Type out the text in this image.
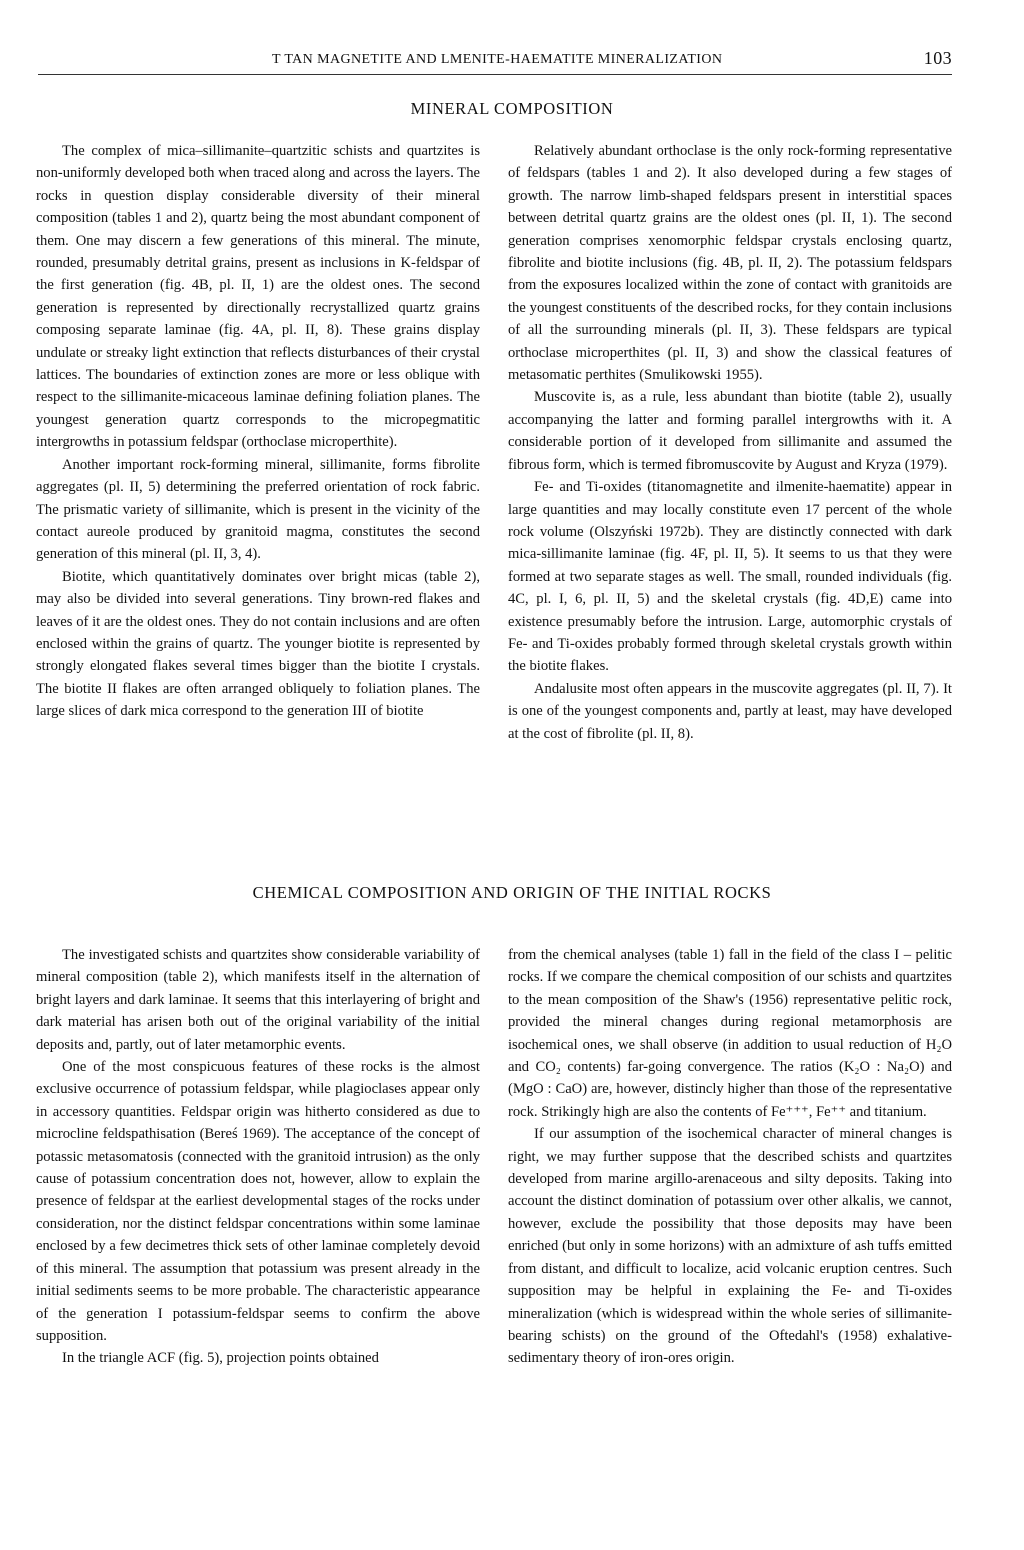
T TAN MAGNETITE AND LMENITE-HAEMATITE MINERALIZATION	103
MINERAL COMPOSITION

The complex of mica–sillimanite–quartzitic schists and quartzites is non-uniformly developed both when traced along and across the layers. The rocks in question display considerable diversity of their mineral composition (tables 1 and 2), quartz being the most abundant component of them. One may discern a few generations of this mineral. The minute, rounded, presumably detrital grains, present as inclusions in K-feldspar of the first generation (fig. 4B, pl. II, 1) are the oldest ones. The second generation is represented by directionally recrystallized quartz grains composing separate laminae (fig. 4A, pl. II, 8). These grains display undulate or streaky light extinction that reflects disturbances of their crystal lattices. The boundaries of extinction zones are more or less oblique with respect to the sillimanite-micaceous laminae defining foliation planes. The youngest generation quartz corresponds to the micropegmatitic intergrowths in potassium feldspar (orthoclase microperthite).

Another important rock-forming mineral, sillimanite, forms fibrolite aggregates (pl. II, 5) determining the preferred orientation of rock fabric. The prismatic variety of sillimanite, which is present in the vicinity of the contact aureole produced by granitoid magma, constitutes the second generation of this mineral (pl. II, 3, 4).

Biotite, which quantitatively dominates over bright micas (table 2), may also be divided into several generations. Tiny brown-red flakes and leaves of it are the oldest ones. They do not contain inclusions and are often enclosed within the grains of quartz. The younger biotite is represented by strongly elongated flakes several times bigger than the biotite I crystals. The biotite II flakes are often arranged obliquely to foliation planes. The large slices of dark mica correspond to the generation III of biotite

Relatively abundant orthoclase is the only rock-forming representative of feldspars (tables 1 and 2). It also developed during a few stages of growth. The narrow limb-shaped feldspars present in interstitial spaces between detrital quartz grains are the oldest ones (pl. II, 1). The second generation comprises xenomorphic feldspar crystals enclosing quartz, fibrolite and biotite inclusions (fig. 4B, pl. II, 2). The potassium feldspars from the exposures localized within the zone of contact with granitoids are the youngest constituents of the described rocks, for they contain inclusions of all the surrounding minerals (pl. II, 3). These feldspars are typical orthoclase microperthites (pl. II, 3) and show the classical features of metasomatic perthites (Smulikowski 1955).

Muscovite is, as a rule, less abundant than biotite (table 2), usually accompanying the latter and forming parallel intergrowths with it. A considerable portion of it developed from sillimanite and assumed the fibrous form, which is termed fibromuscovite by August and Kryza (1979).

Fe- and Ti-oxides (titanomagnetite and ilmenite-haematite) appear in large quantities and may locally constitute even 17 percent of the whole rock volume (Olszyński 1972b). They are distinctly connected with dark mica-sillimanite laminae (fig. 4F, pl. II, 5). It seems to us that they were formed at two separate stages as well. The small, rounded individuals (fig. 4C, pl. I, 6, pl. II, 5) and the skeletal crystals (fig. 4D,E) came into existence presumably before the intrusion. Large, automorphic crystals of Fe- and Ti-oxides probably formed through skeletal crystals growth within the biotite flakes.

Andalusite most often appears in the muscovite aggregates (pl. II, 7). It is one of the youngest components and, partly at least, may have developed at the cost of fibrolite (pl. II, 8).

CHEMICAL COMPOSITION AND ORIGIN OF THE INITIAL ROCKS

The investigated schists and quartzites show considerable variability of mineral composition (table 2), which manifests itself in the alternation of bright layers and dark laminae. It seems that this interlayering of bright and dark material has arisen both out of the original variability of the initial deposits and, partly, out of later metamorphic events.

One of the most conspicuous features of these rocks is the almost exclusive occurrence of potassium feldspar, while plagioclases appear only in accessory quantities. Feldspar origin was hitherto considered as due to microcline feldspathisation (Bereś 1969). The acceptance of the concept of potassic metasomatosis (connected with the granitoid intrusion) as the only cause of potassium concentration does not, however, allow to explain the presence of feldspar at the earliest developmental stages of the rocks under consideration, nor the distinct feldspar concentrations within some laminae enclosed by a few decimetres thick sets of other laminae completely devoid of this mineral. The assumption that potassium was present already in the initial sediments seems to be more probable. The characteristic appearance of the generation I potassium-feldspar seems to confirm the above supposition.

In the triangle ACF (fig. 5), projection points obtained

from the chemical analyses (table 1) fall in the field of the class I – pelitic rocks. If we compare the chemical composition of our schists and quartzites to the mean composition of the Shaw's (1956) representative pelitic rock, provided the mineral changes during regional metamorphosis are isochemical ones, we shall observe (in addition to usual reduction of H₂O and CO₂ contents) far-going convergence. The ratios (K₂O : Na₂O) and (MgO : CaO) are, however, distincly higher than those of the representative rock. Strikingly high are also the contents of Fe⁺⁺⁺, Fe⁺⁺ and titanium.

If our assumption of the isochemical character of mineral changes is right, we may further suppose that the described schists and quartzites developed from marine argillo-arenaceous and silty deposits. Taking into account the distinct domination of potassium over other alkalis, we cannot, however, exclude the possibility that those deposits may have been enriched (but only in some horizons) with an admixture of ash tuffs emitted from distant, and difficult to localize, acid volcanic eruption centres. Such supposition may be helpful in explaining the Fe- and Ti-oxides mineralization (which is widespread within the whole series of sillimanite-bearing schists) on the ground of the Oftedahl's (1958) exhalative-sedimentary theory of iron-ores origin.
